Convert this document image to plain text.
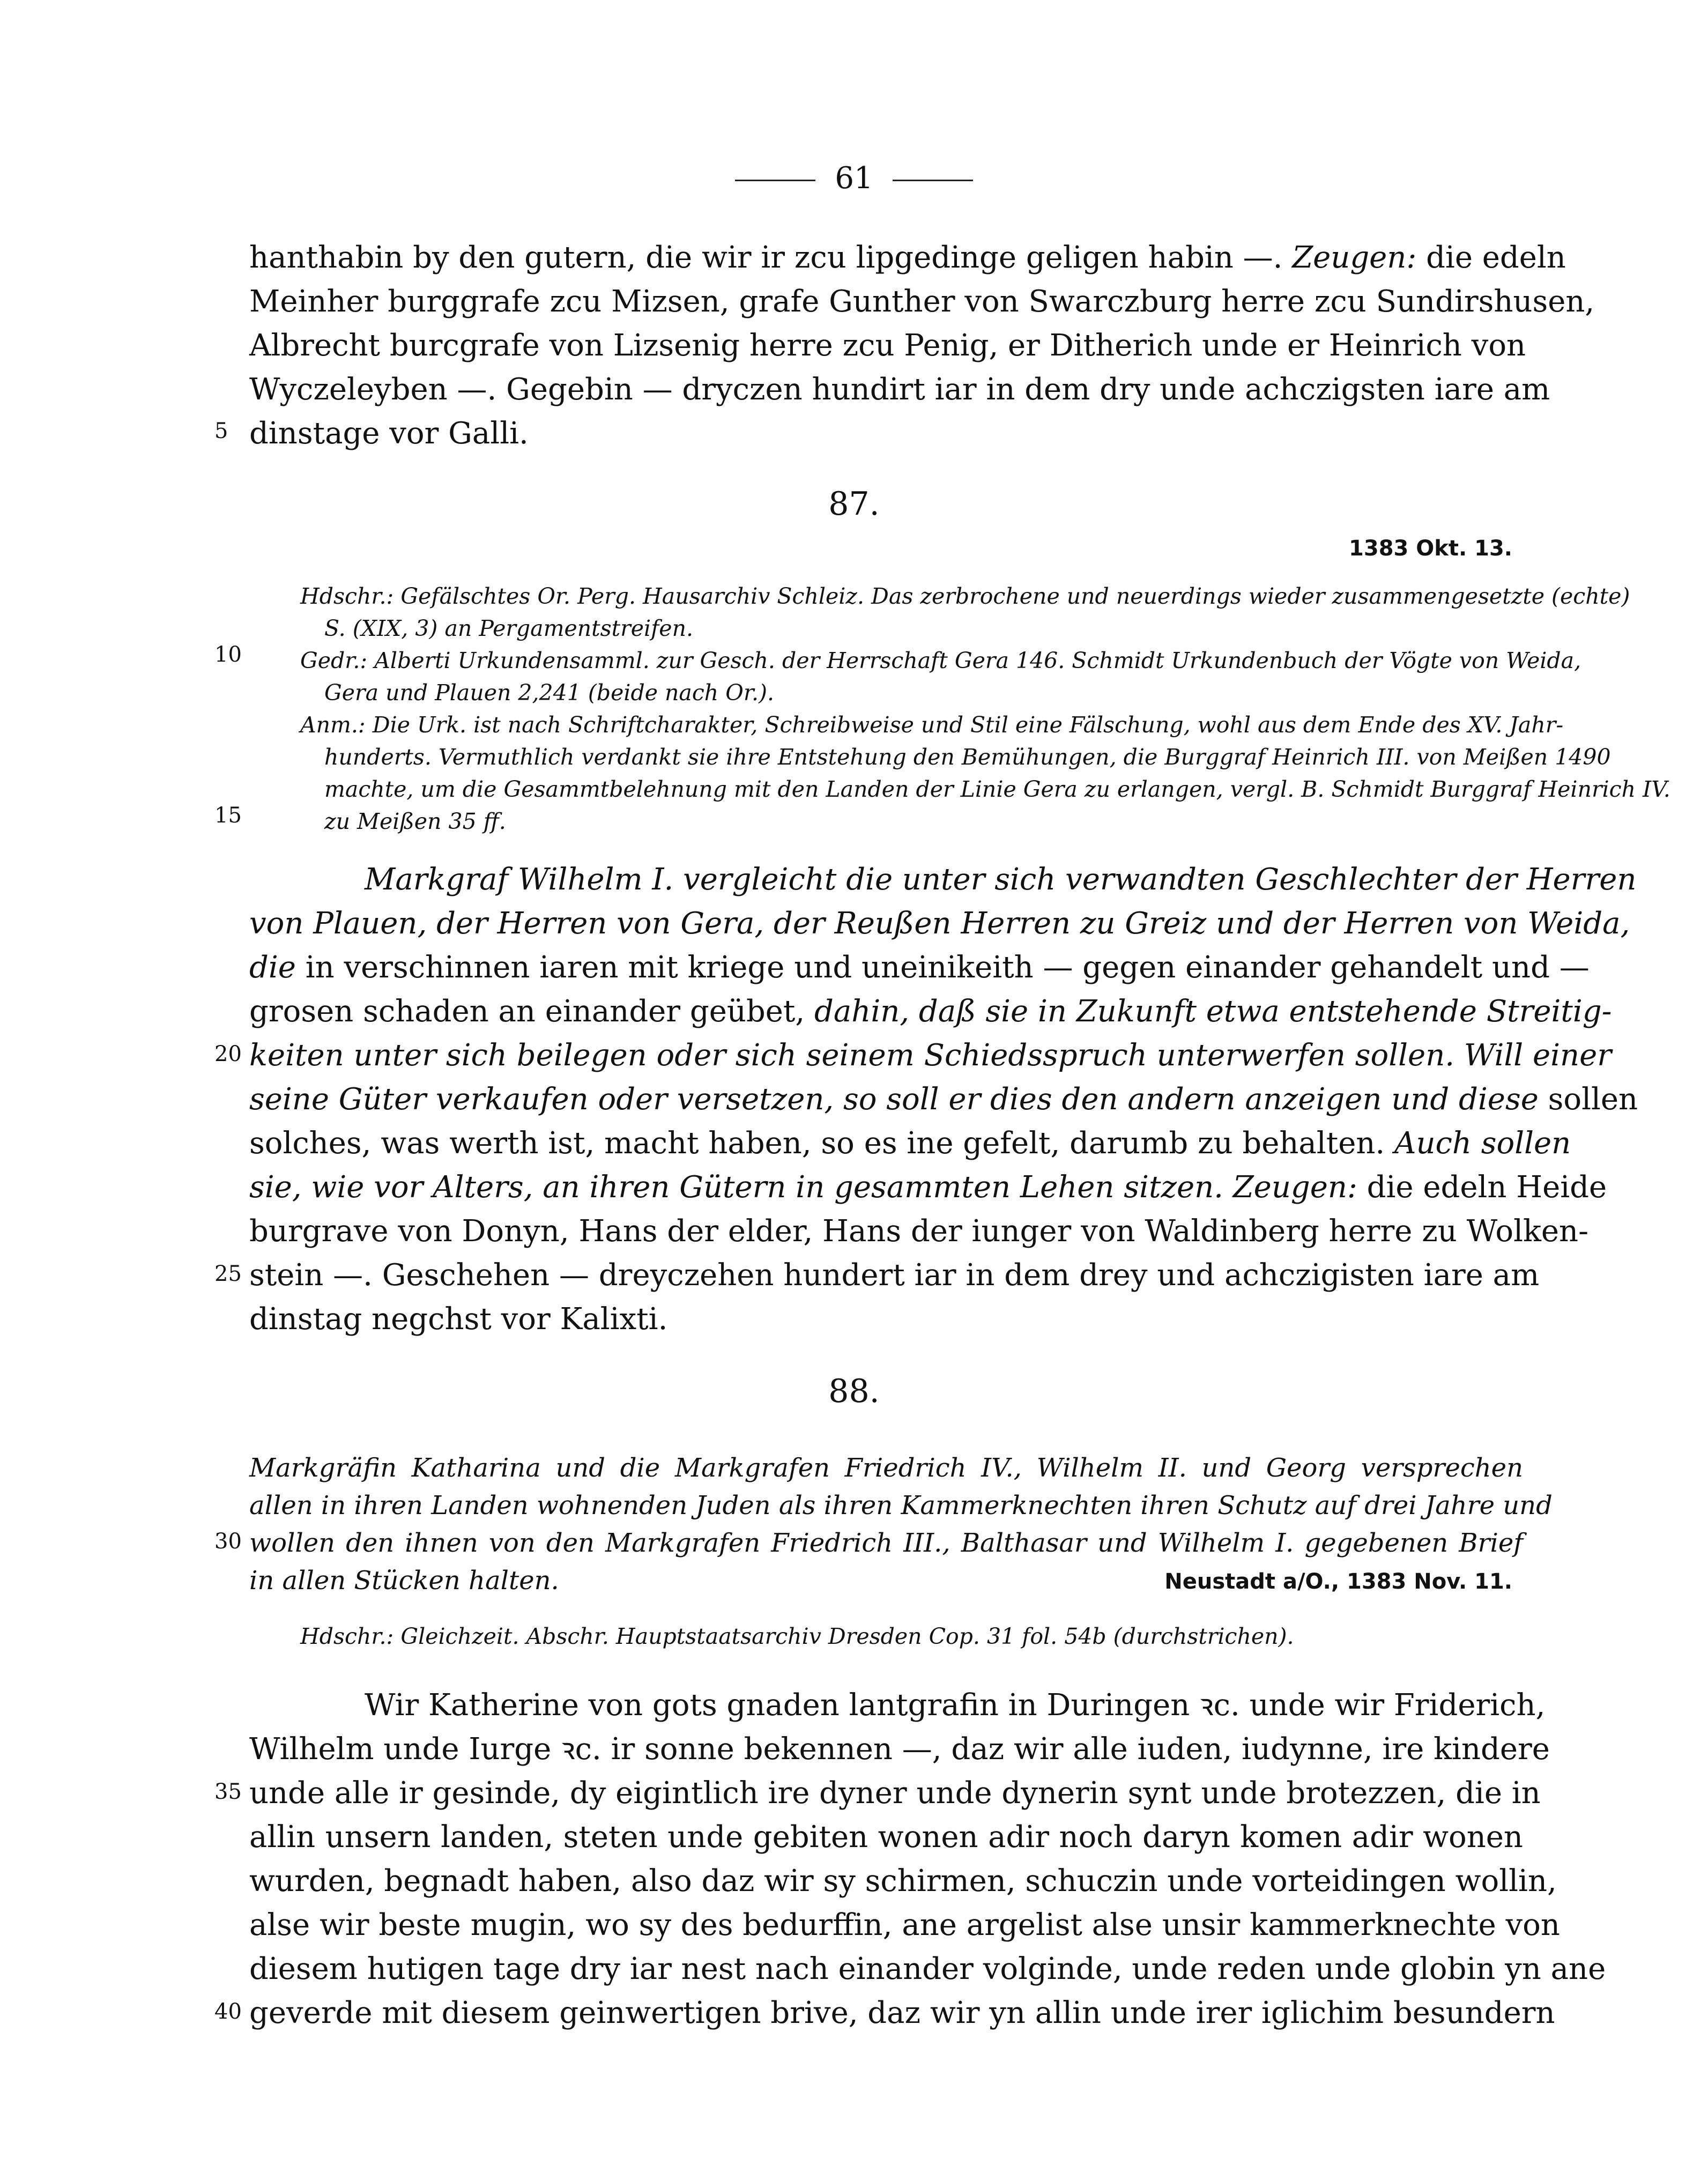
61
hanthabin by den gutern, die wir ir zcu lipgedinge geligen habin —. Zeugen: die edeln
Meinher burggrafe zcu Mizsen, grafe Gunther von Swarczburg herre zcu Sundirshusen,
Albrecht burcgrafe von Lizsenig herre zcu Penig, er Ditherich unde er Heinrich von
Wyczeleyben —. Gegebin — dryczen hundirt iar in dem dry unde achczigsten iare am
5 dinstage vor Galli.
87.
1383 Okt. 13.
Hdschr.: Gefälschtes Or. Perg. Hausarchiv Schleiz. Das zerbrochene und neuerdings wieder zusammengesetzte (echte)
S. (XIX, 3) an Pergamentstreifen.
10	Gedr.: Alberti Urkundensamml. zur Gesch. der Herrschaft Gera 146. Schmidt Urkundenbuch der Vögte von Weida,
Gera und Plauen 2,241 (beide nach Or.).
Anm.: Die Urk. ist nach Schriftcharakter, Schreibweise und Stil eine Fälschung, wohl aus dem Ende des XV. Jahr-
hunderts. Vermuthlich verdankt sie ihre Entstehung den Bemühungen, die Burggraf Heinrich III. von Meißen 1490
machte, um die Gesammtbelehnung mit den Landen der Linie Gera zu erlangen, vergl. B. Schmidt Burggraf Heinrich IV.
15	zu Meißen 35 ff.
Markgraf Wilhelm I. vergleicht die unter sich verwandten Geschlechter der Herren
von Plauen, der Herren von Gera, der Reußen Herren zu Greiz und der Herren von Weida,
die in verschinnen iaren mit kriege und uneinikeith — gegen einander gehandelt und —
grosen schaden an einander geübet, dahin, daß sie in Zukunft etwa entstehende Streitig-
20 keiten unter sich beilegen oder sich seinem Schiedsspruch unterwerfen sollen. Will einer
seine Güter verkaufen oder versetzen, so soll er dies den andern anzeigen und diese sollen
solches, was werth ist, macht haben, so es ine gefelt, darumb zu behalten. Auch sollen
sie, wie vor Alters, an ihren Gütern in gesammten Lehen sitzen. Zeugen: die edeln Heide
burgrave von Donyn, Hans der elder, Hans der iunger von Waldinberg herre zu Wolken-
25 stein —. Geschehen — dreyczehen hundert iar in dem drey und achczigisten iare am
dinstag negchst vor Kalixti.
88.
Markgräfin Katharina und die Markgrafen Friedrich IV., Wilhelm II. und Georg versprechen
allen in ihren Landen wohnenden Juden als ihren Kammerknechten ihren Schutz auf drei Jahre und
30 wollen den ihnen von den Markgrafen Friedrich III., Balthasar und Wilhelm I. gegebenen Brief
in allen Stücken halten.	Neustadt a/O., 1383 Nov. 11.
Hdschr.: Gleichzeit. Abschr. Hauptstaatsarchiv Dresden Cop. 31 fol. 54b (durchstrichen).
Wir Katherine von gots gnaden lantgrafin in Duringen ꝛc. unde wir Friderich,
Wilhelm unde Iurge ꝛc. ir sonne bekennen —, daz wir alle iuden, iudynne, ire kindere
35 unde alle ir gesinde, dy eigintlich ire dyner unde dynerin synt unde brotezzen, die in
allin unsern landen, steten unde gebiten wonen adir noch daryn komen adir wonen
wurden, begnadt haben, also daz wir sy schirmen, schuczin unde vorteidingen wollin,
alse wir beste mugin, wo sy des bedurffin, ane argelist alse unsir kammerknechte von
diesem hutigen tage dry iar nest nach einander volginde, unde reden unde globin yn ane
40 geverde mit diesem geinwertigen brive, daz wir yn allin unde irer iglichim besundern
